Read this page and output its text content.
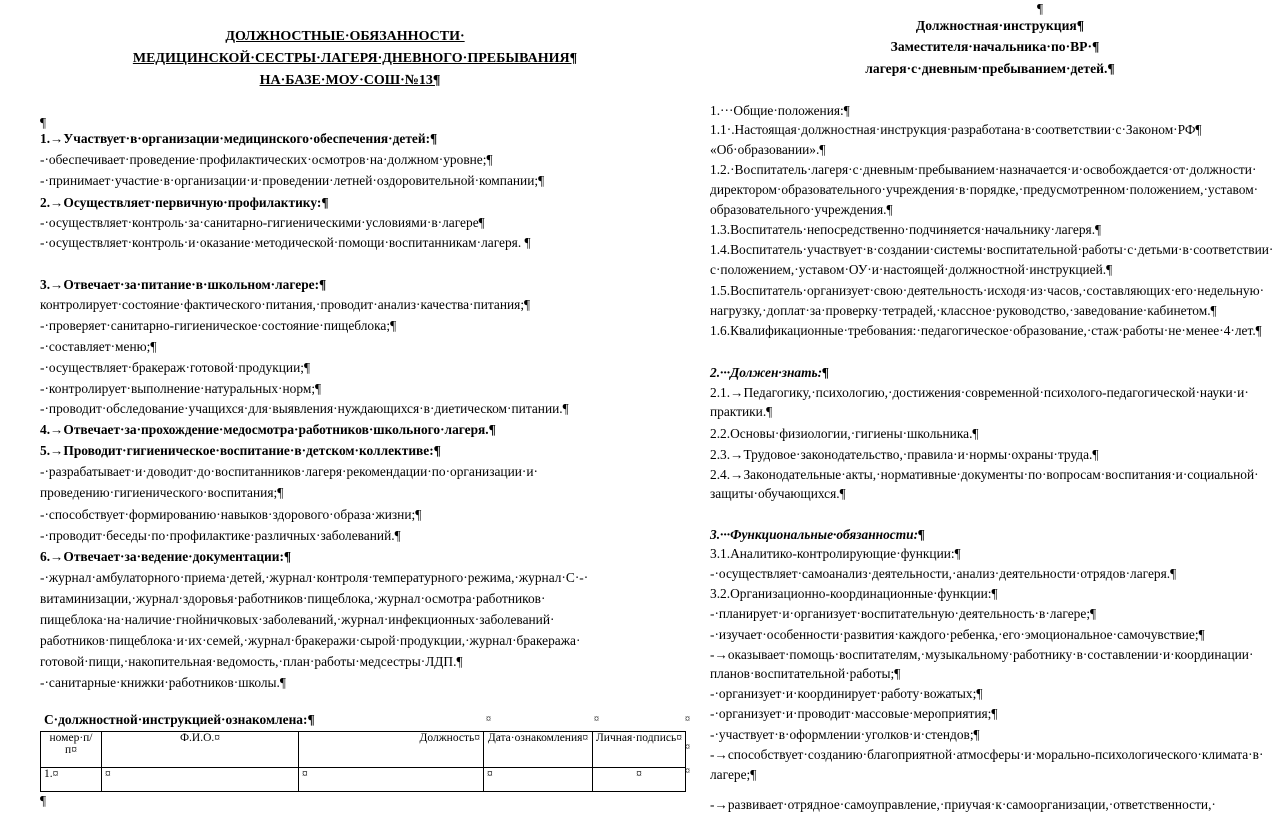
ДОЛЖНОСТНЫЕ·ОБЯЗАННОСТИ·
МЕДИЦИНСКОЙ·СЕСТРЫ·ЛАГЕРЯ·ДНЕВНОГО·ПРЕБЫВАНИЯ¶
НА·БАЗЕ·МОУ·СОШ·№13¶
¶
1.→Участвует·в·организации·медицинского·обеспечения·детей:¶
-·обеспечивает·проведение·профилактических·осмотров·на·должном·уровне;¶
-·принимает·участие·в·организации·и·проведении·летней·оздоровительной·компании;¶
2.→Осуществляет·первичную·профилактику:¶
-·осуществляет·контроль·за·санитарно-гигиеническими·условиями·в·лагере¶
-·осуществляет·контроль·и·оказание·методической·помощи·воспитанникам·лагеря. ¶
3.→Отвечает·за·питание·в·школьном·лагере:¶
контролирует·состояние·фактического·питания,·проводит·анализ·качества·питания;¶
-·проверяет·санитарно-гигиеническое·состояние·пищеблока;¶
-·составляет·меню;¶
-·осуществляет·бракераж·готовой·продукции;¶
-·контролирует·выполнение·натуральных·норм;¶
-·проводит·обследование·учащихся·для·выявления·нуждающихся·в·диетическом·питании.¶
4.→Отвечает·за·прохождение·медосмотра·работников·школьного·лагеря.¶
5.→Проводит·гигиеническое·воспитание·в·детском·коллективе:¶
-·разрабатывает·и·доводит·до·воспитанников·лагеря·рекомендации·по·организации·и·
проведению·гигиенического·воспитания;¶
-·способствует·формированию·навыков·здорового·образа·жизни;¶
-·проводит·беседы·по·профилактике·различных·заболеваний.¶
6.→Отвечает·за·ведение·документации:¶
-·журнал·амбулаторного·приема·детей,·журнал·контроля·температурного·режима,·журнал·С·-·
витаминизации,·журнал·здоровья·работников·пищеблока,·журнал·осмотра·работников·
пищеблока·на·наличие·гнойничковых·заболеваний,·журнал·инфекционных·заболеваний·
работников·пищеблока·и·их·семей,·журнал·бракеражи·сырой·продукции,·журнал·бракеража·
готовой·пищи,·накопительная·ведомость,·план·работы·медсестры·ЛДП.¶
-·санитарные·книжки·работников·школы.¶
С·должностной·инструкцией·ознакомлена:¶	¤	¤	¤
номер·п/п¤	Ф.И.О.¤	Должность¤	Дата·ознакомления¤	Личная·подпись¤
1.¤	¤	¤	¤	¤
¤
¤
¶
¶
Должностная·инструкция¶
Заместителя·начальника·по·ВР·¶
лагеря·с·дневным·пребыванием·детей.¶
1.···Общие·положения:¶
1.1·.Настоящая·должностная·инструкция·разработана·в·соответствии·с·Законом·РФ¶
«Об·образовании».¶
1.2.·Воспитатель·лагеря·с·дневным·пребыванием·назначается·и·освобождается·от·должности·
директором·образовательного·учреждения·в·порядке,·предусмотренном·положением,·уставом·
образовательного·учреждения.¶
1.3.Воспитатель·непосредственно·подчиняется·начальнику·лагеря.¶
1.4.Воспитатель·участвует·в·создании·системы·воспитательной·работы·с·детьми·в·соответствии·
с·положением,·уставом·ОУ·и·настоящей·должностной·инструкцией.¶
1.5.Воспитатель·организует·свою·деятельность·исходя·из·часов,·составляющих·его·недельную·
нагрузку,·доплат·за·проверку·тетрадей,·классное·руководство,·заведование·кабинетом.¶
1.6.Квалификационные·требования:·педагогическое·образование,·стаж·работы·не·менее·4·лет.¶
2.···Должен·знать:¶
2.1.→Педагогику,·психологию,·достижения·современной·психолого-педагогической·науки·и·
практики.¶
2.2.Основы·физиологии,·гигиены·школьника.¶
2.3.→Трудовое·законодательство,·правила·и·нормы·охраны·труда.¶
2.4.→Законодательные·акты,·нормативные·документы·по·вопросам·воспитания·и·социальной·
защиты·обучающихся.¶
3.···Функциональные·обязанности:¶
3.1.Аналитико-контролирующие·функции:¶
-·осуществляет·самоанализ·деятельности,·анализ·деятельности·отрядов·лагеря.¶
3.2.Организационно-координационные·функции:¶
-·планирует·и·организует·воспитательную·деятельность·в·лагере;¶
-·изучает·особенности·развития·каждого·ребенка,·его·эмоциональное·самочувствие;¶
-→оказывает·помощь·воспитателям,·музыкальному·работнику·в·составлении·и·координации·
планов·воспитательной·работы;¶
-·организует·и·координирует·работу·вожатых;¶
-·организует·и·проводит·массовые·мероприятия;¶
-·участвует·в·оформлении·уголков·и·стендов;¶
-→способствует·созданию·благоприятной·атмосферы·и·морально-психологического·климата·в·
лагере;¶
-→развивает·отрядное·самоуправление,·приучая·к·самоорганизации,·ответственности,·
